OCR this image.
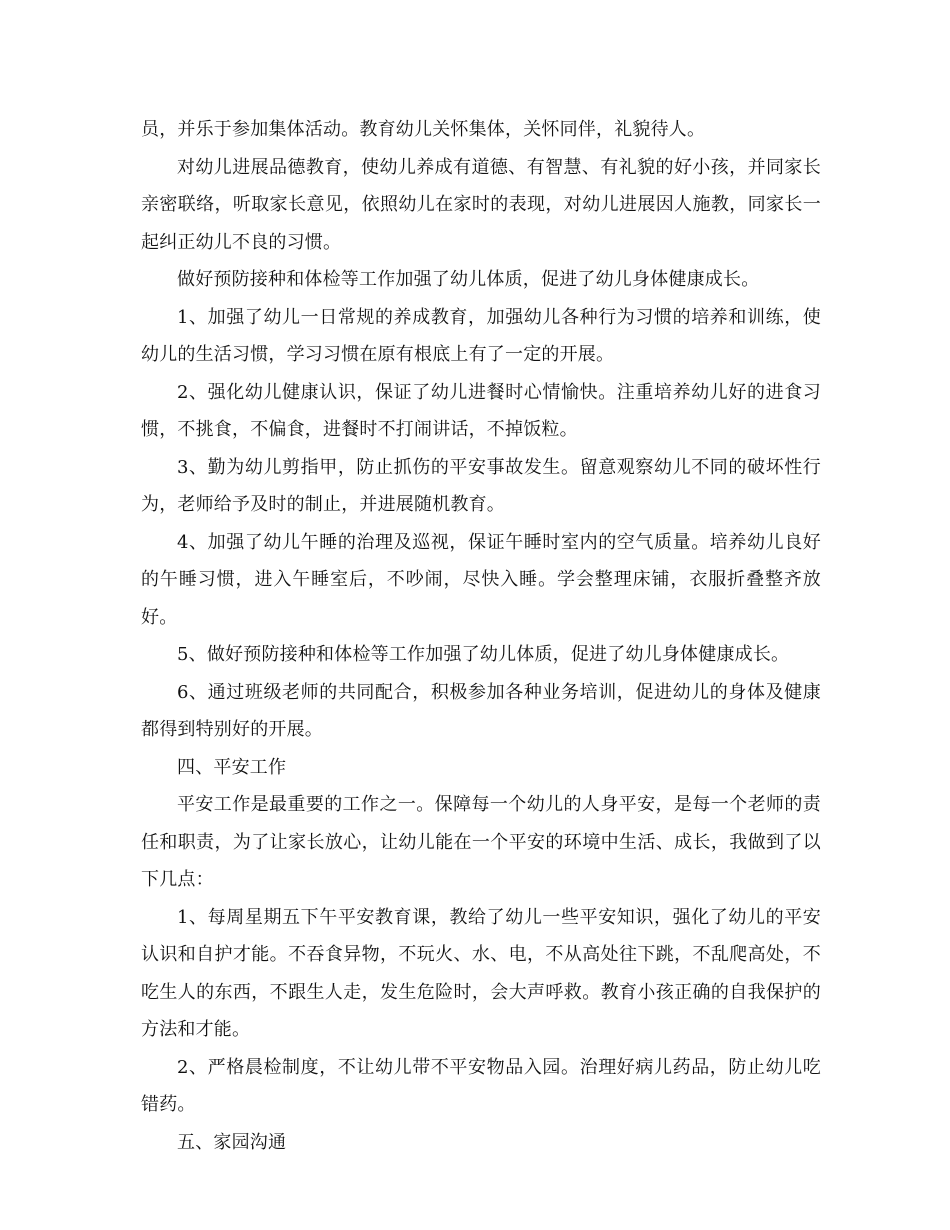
员，并乐于参加集体活动。教育幼儿关怀集体，关怀同伴，礼貌待人。

对幼儿进展品德教育，使幼儿养成有道德、有智慧、有礼貌的好小孩，并同家长亲密联络，听取家长意见，依照幼儿在家时的表现，对幼儿进展因人施教，同家长一起纠正幼儿不良的习惯。

做好预防接种和体检等工作加强了幼儿体质，促进了幼儿身体健康成长。

1、加强了幼儿一日常规的养成教育，加强幼儿各种行为习惯的培养和训练，使幼儿的生活习惯，学习习惯在原有根底上有了一定的开展。

2、强化幼儿健康认识，保证了幼儿进餐时心情愉快。注重培养幼儿好的进食习惯，不挑食，不偏食，进餐时不打闹讲话，不掉饭粒。

3、勤为幼儿剪指甲，防止抓伤的平安事故发生。留意观察幼儿不同的破坏性行为，老师给予及时的制止，并进展随机教育。

4、加强了幼儿午睡的治理及巡视，保证午睡时室内的空气质量。培养幼儿良好的午睡习惯，进入午睡室后，不吵闹，尽快入睡。学会整理床铺，衣服折叠整齐放好。

5、做好预防接种和体检等工作加强了幼儿体质，促进了幼儿身体健康成长。

6、通过班级老师的共同配合，积极参加各种业务培训，促进幼儿的身体及健康都得到特别好的开展。

四、平安工作

平安工作是最重要的工作之一。保障每一个幼儿的人身平安，是每一个老师的责任和职责，为了让家长放心，让幼儿能在一个平安的环境中生活、成长，我做到了以下几点：

1、每周星期五下午平安教育课，教给了幼儿一些平安知识，强化了幼儿的平安认识和自护才能。不吞食异物，不玩火、水、电，不从高处往下跳，不乱爬高处，不吃生人的东西，不跟生人走，发生危险时，会大声呼救。教育小孩正确的自我保护的方法和才能。

2、严格晨检制度，不让幼儿带不平安物品入园。治理好病儿药品，防止幼儿吃错药。

五、家园沟通
